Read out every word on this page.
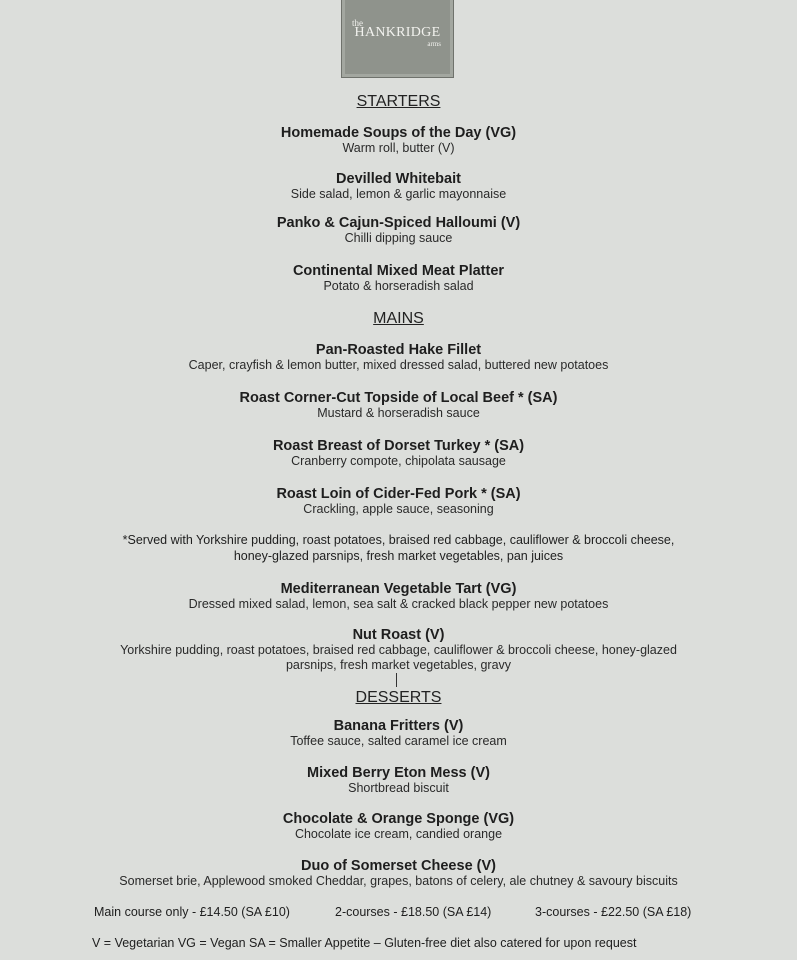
the
HANKRIDGE
arms
STARTERS
Homemade Soups of the Day (VG)
Warm roll, butter (V)
Devilled Whitebait
Side salad, lemon & garlic mayonnaise
Panko & Cajun-Spiced Halloumi (V)
Chilli dipping sauce
Continental Mixed Meat Platter
Potato & horseradish salad
MAINS
Pan-Roasted Hake Fillet
Caper, crayfish & lemon butter, mixed dressed salad, buttered new potatoes
Roast Corner-Cut Topside of Local Beef * (SA)
Mustard & horseradish sauce
Roast Breast of Dorset Turkey * (SA)
Cranberry compote, chipolata sausage
Roast Loin of Cider-Fed Pork * (SA)
Crackling, apple sauce, seasoning
*Served with Yorkshire pudding, roast potatoes, braised red cabbage, cauliflower & broccoli cheese,
honey-glazed parsnips, fresh market vegetables, pan juices
Mediterranean Vegetable Tart (VG)
Dressed mixed salad, lemon, sea salt & cracked black pepper new potatoes
Nut Roast (V)
Yorkshire pudding, roast potatoes, braised red cabbage, cauliflower & broccoli cheese, honey-glazed
parsnips, fresh market vegetables, gravy
DESSERTS
Banana Fritters (V)
Toffee sauce, salted caramel ice cream
Mixed Berry Eton Mess (V)
Shortbread biscuit
Chocolate & Orange Sponge (VG)
Chocolate ice cream, candied orange
Duo of Somerset Cheese (V)
Somerset brie, Applewood smoked Cheddar, grapes, batons of celery, ale chutney & savoury biscuits
Main course only - £14.50 (SA £10)	2-courses - £18.50 (SA £14)	3-courses - £22.50 (SA £18)
V = Vegetarian VG = Vegan SA = Smaller Appetite – Gluten-free diet also catered for upon request
